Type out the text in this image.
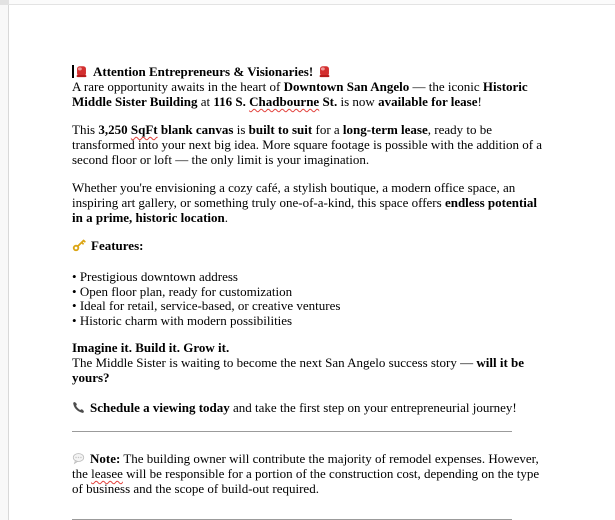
Attention Entrepreneurs & Visionaries!

A rare opportunity awaits in the heart of Downtown San Angelo — the iconic Historic Middle Sister Building at 116 S. Chadbourne St. is now available for lease!

This 3,250 SqFt blank canvas is built to suit for a long-term lease, ready to be transformed into your next big idea. More square footage is possible with the addition of a second floor or loft — the only limit is your imagination.

Whether you're envisioning a cozy café, a stylish boutique, a modern office space, an inspiring art gallery, or something truly one-of-a-kind, this space offers endless potential in a prime, historic location.

Features:
• Prestigious downtown address
• Open floor plan, ready for customization
• Ideal for retail, service-based, or creative ventures
• Historic charm with modern possibilities
Imagine it. Build it. Grow it.
The Middle Sister is waiting to become the next San Angelo success story — will it be yours?
Schedule a viewing today and take the first step on your entrepreneurial journey!
Note: The building owner will contribute the majority of remodel expenses. However, the leasee will be responsible for a portion of the construction cost, depending on the type of business and the scope of build-out required.
